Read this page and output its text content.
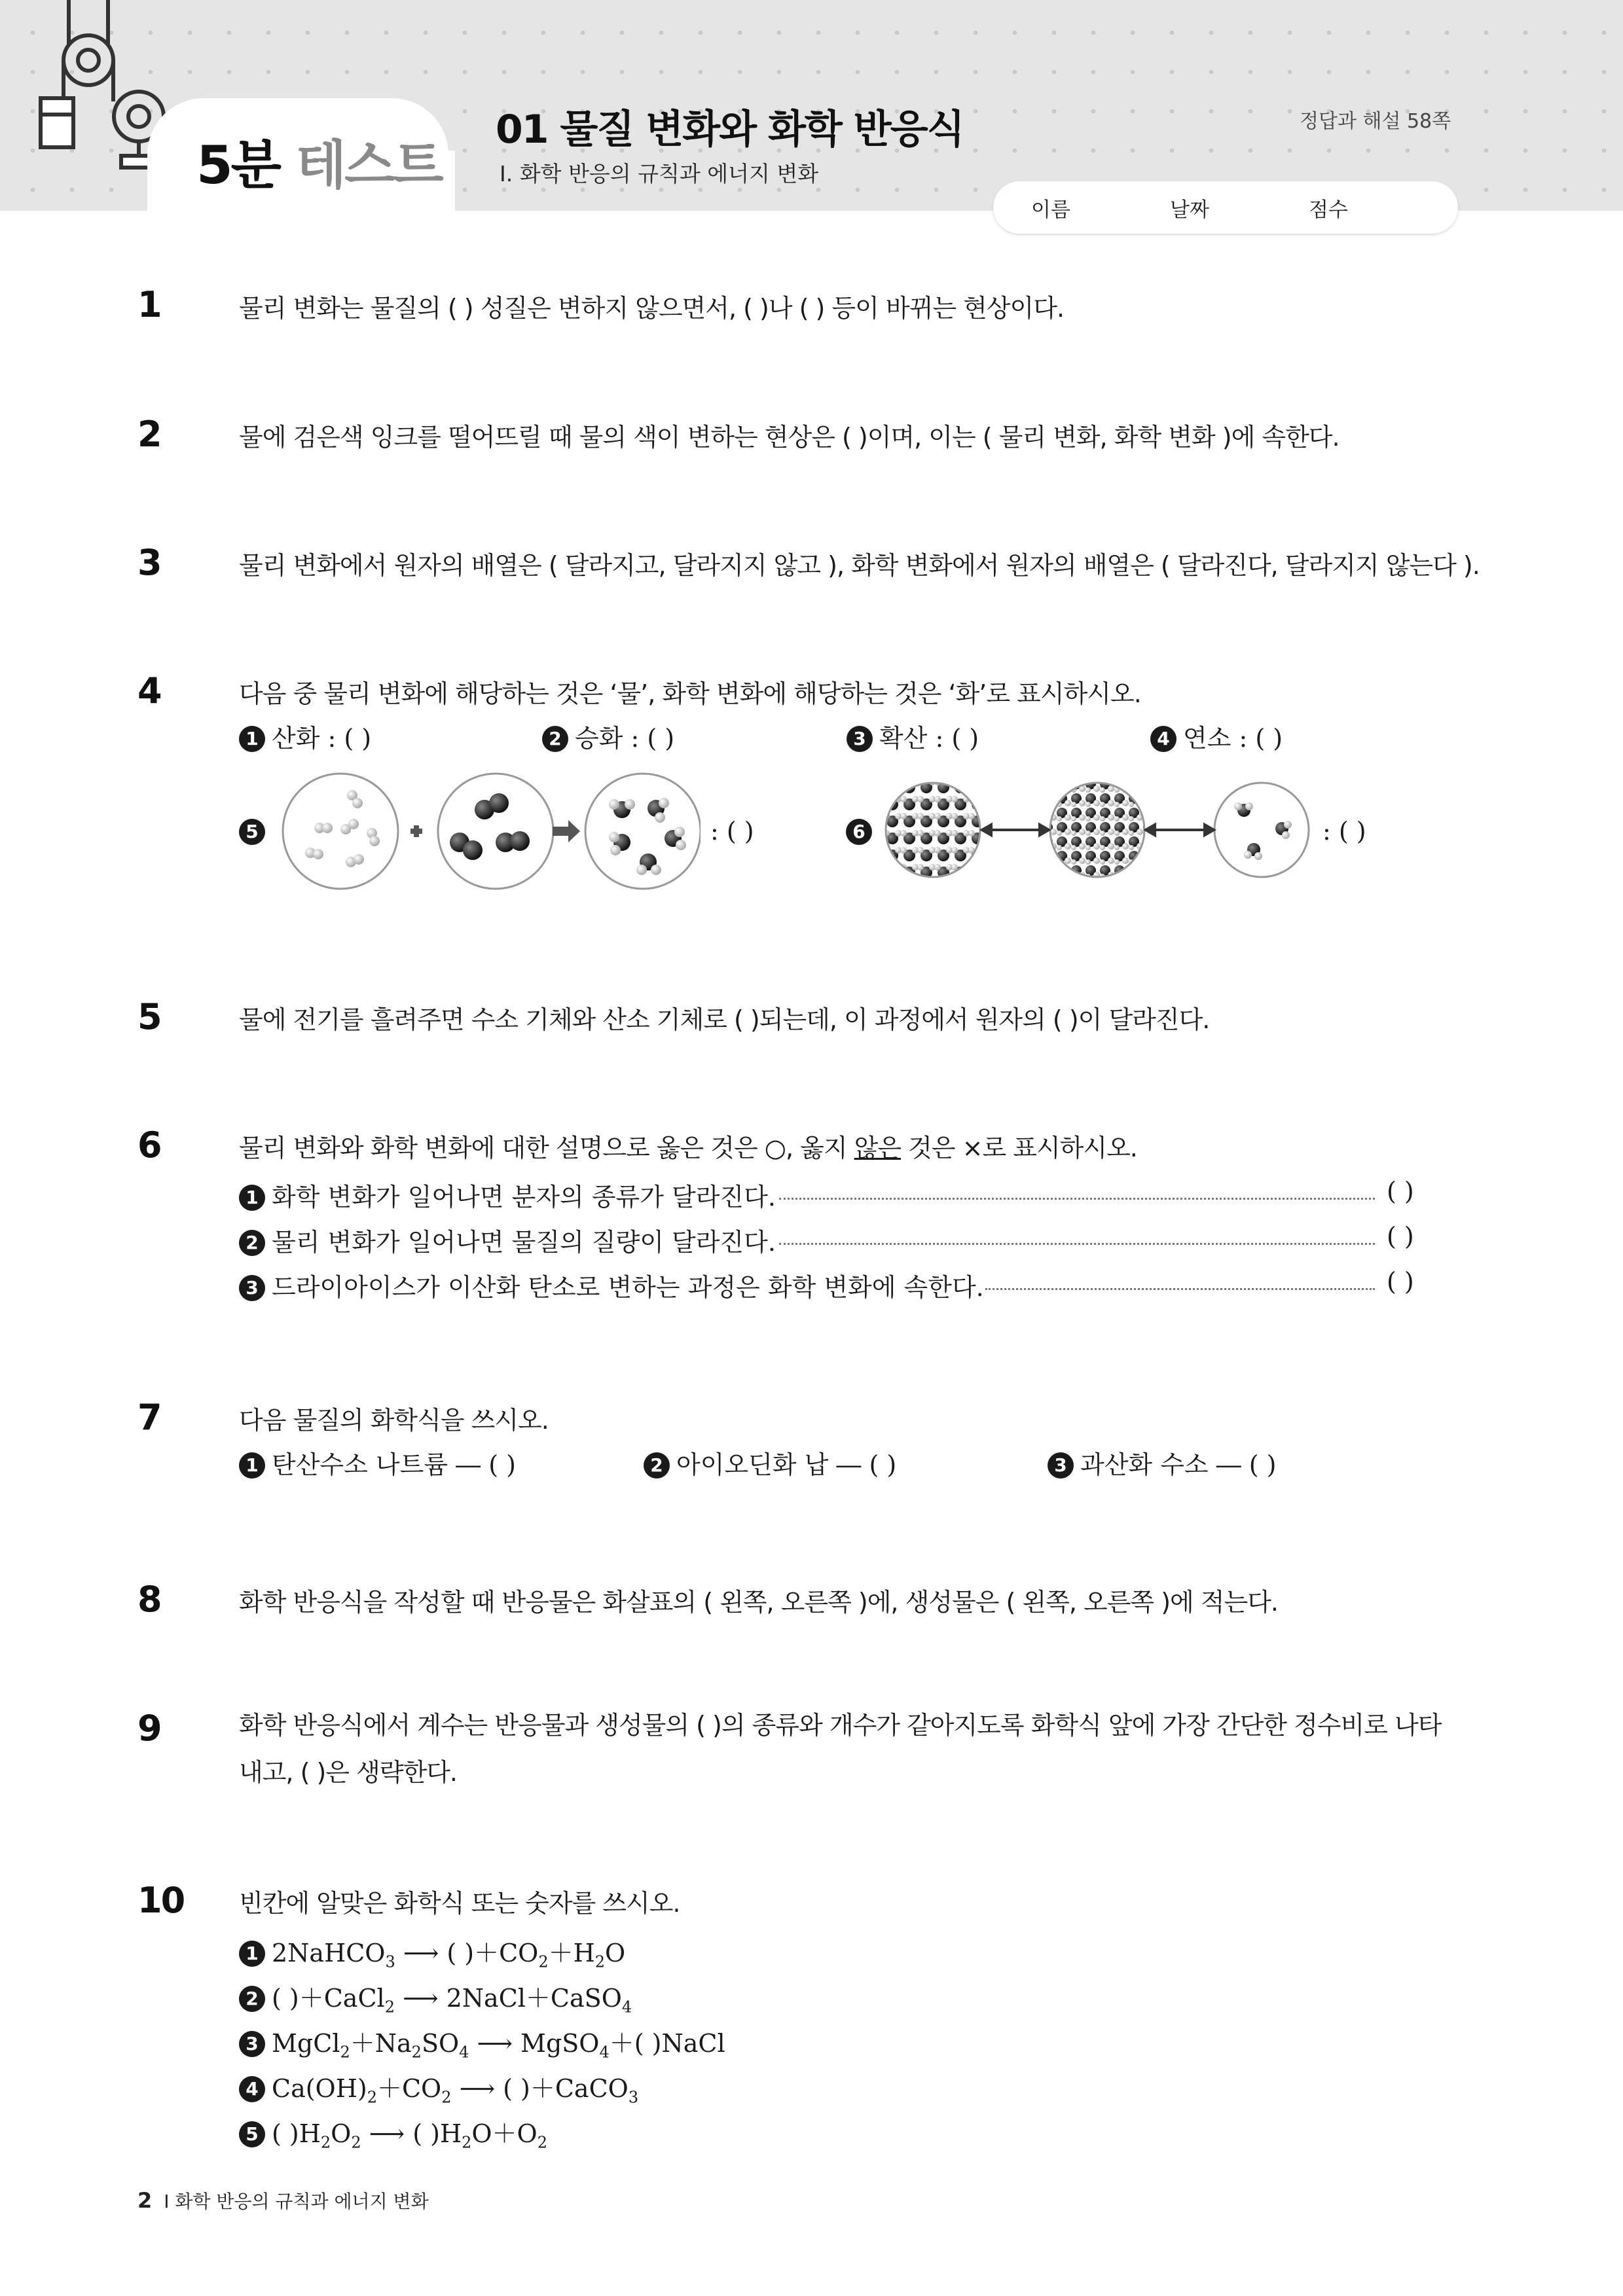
5분 테스트
01 물질 변화와 화학 반응식
Ⅰ. 화학 반응의 규칙과 에너지 변화
정답과 해설 58쪽
이름	날짜	점수
1	물리 변화는 물질의 ( ) 성질은 변하지 않으면서, ( )나 ( ) 등이 바뀌는 현상이다.
2	물에 검은색 잉크를 떨어뜨릴 때 물의 색이 변하는 현상은 ( )이며, 이는 ( 물리 변화, 화학 변화 )에 속한다.
3	물리 변화에서 원자의 배열은 ( 달라지고, 달라지지 않고 ), 화학 변화에서 원자의 배열은 ( 달라진다, 달라지지 않는다 ).
4	다음 중 물리 변화에 해당하는 것은 ‘물’, 화학 변화에 해당하는 것은 ‘화’로 표시하시오.
1 산화 : ( )	2 승화 : ( )	3 확산 : ( )	4 연소 : ( )
5	: ( )	6	: ( )
5	물에 전기를 흘려주면 수소 기체와 산소 기체로 ( )되는데, 이 과정에서 원자의 ( )이 달라진다.
6	물리 변화와 화학 변화에 대한 설명으로 옳은 것은 ○, 옳지 않은 것은 ×로 표시하시오.
1 화학 변화가 일어나면 분자의 종류가 달라진다.	( )
2 물리 변화가 일어나면 물질의 질량이 달라진다.	( )
3 드라이아이스가 이산화 탄소로 변하는 과정은 화학 변화에 속한다.	( )
7	다음 물질의 화학식을 쓰시오.
1 탄산수소 나트륨 ― ( )	2 아이오딘화 납 ― ( )	3 과산화 수소 ― ( )
8	화학 반응식을 작성할 때 반응물은 화살표의 ( 왼쪽, 오른쪽 )에, 생성물은 ( 왼쪽, 오른쪽 )에 적는다.
9	화학 반응식에서 계수는 반응물과 생성물의 ( )의 종류와 개수가 같아지도록 화학식 앞에 가장 간단한 정수비로 나타내고, ( )은 생략한다.
10 빈칸에 알맞은 화학식 또는 숫자를 쓰시오.
1 2NaHCO$_3$ ⟶ ( )$+CO_2+H_2O$
2 ( )＋CaCl$_2$ ⟶ 2NaCl＋CaSO$_4$
3 $MgCl_2+Na_2SO_4$ ⟶ MgSO$_4$＋( )NaCl
4 $Ca(OH)_2+CO_2$ ⟶ ( )＋CaCO$_3$
5 ( )$H_2O_2$ ⟶ ( )$H_2O+O_2$
2 Ⅰ 화학 반응의 규칙과 에너지 변화
